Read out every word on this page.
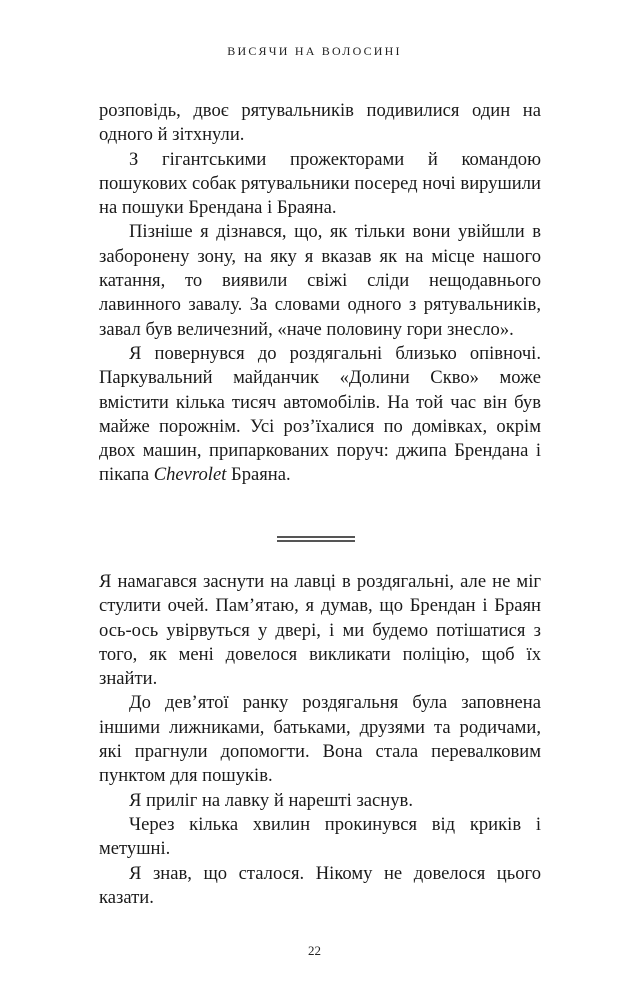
ВИСЯЧИ НА ВОЛОСИНІ

розповідь, двоє рятувальників подивилися один на одного й зітхнули.

З гігантськими прожекторами й командою пошукових собак рятувальники посеред ночі вирушили на пошуки Брендана і Браяна.

Пізніше я дізнався, що, як тільки вони увійшли в заборонену зону, на яку я вказав як на місце нашого катання, то виявили свіжі сліди нещодавнього лавинного завалу. За словами одного з рятувальників, завал був величезний, «наче половину гори знесло».

Я повернувся до роздягальні близько опівночі. Паркувальний майданчик «Долини Скво» може вмістити кілька тисяч автомобілів. На той час він був майже порожнім. Усі роз’їхалися по домівках, окрім двох машин, припаркованих поруч: джипа Брендана і пікапа Chevrolet Браяна.

Я намагався заснути на лавці в роздягальні, але не міг стулити очей. Пам’ятаю, я думав, що Брендан і Браян ось-ось увірвуться у двері, і ми будемо потішатися з того, як мені довелося викликати поліцію, щоб їх знайти.

До дев’ятої ранку роздягальня була заповнена іншими лижниками, батьками, друзями та родичами, які прагнули допомогти. Вона стала перевалковим пунктом для пошуків.

Я приліг на лавку й нарешті заснув.

Через кілька хвилин прокинувся від криків і метушні.

Я знав, що сталося. Нікому не довелося цього казати.

22
